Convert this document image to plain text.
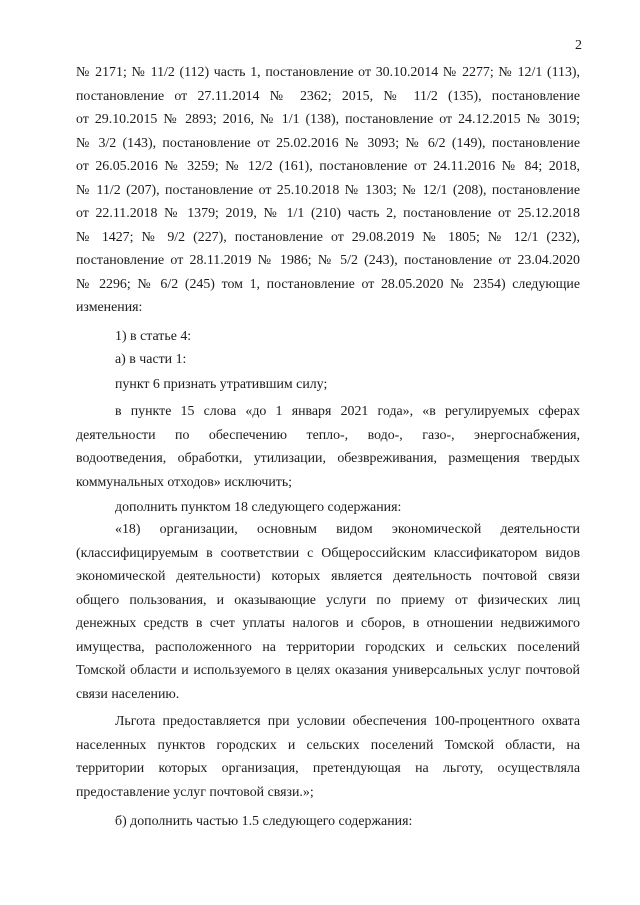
2
№ 2171; № 11/2 (112) часть 1, постановление от 30.10.2014 № 2277; № 12/1 (113),
постановление от 27.11.2014 № 2362; 2015, № 11/2 (135), постановление
от 29.10.2015 № 2893; 2016, № 1/1 (138), постановление от 24.12.2015 № 3019;
№ 3/2 (143), постановление от 25.02.2016 № 3093; № 6/2 (149), постановление
от 26.05.2016 № 3259; № 12/2 (161), постановление от 24.11.2016 № 84; 2018,
№ 11/2 (207), постановление от 25.10.2018 № 1303; № 12/1 (208), постановление
от 22.11.2018 № 1379; 2019, № 1/1 (210) часть 2, постановление от 25.12.2018
№ 1427; № 9/2 (227), постановление от 29.08.2019 № 1805; № 12/1 (232),
постановление от 28.11.2019 № 1986; № 5/2 (243), постановление от 23.04.2020
№ 2296; № 6/2 (245) том 1, постановление от 28.05.2020 № 2354) следующие
изменения:
1) в статье 4:
а) в части 1:
пункт 6 признать утратившим силу;
в пункте 15 слова «до 1 января 2021 года», «в регулируемых сферах
деятельности по обеспечению тепло-, водо-, газо-, энергоснабжения,
водоотведения, обработки, утилизации, обезвреживания, размещения твердых
коммунальных отходов» исключить;
дополнить пунктом 18 следующего содержания:
«18) организации, основным видом экономической деятельности
(классифицируемым в соответствии с Общероссийским классификатором видов
экономической деятельности) которых является деятельность почтовой связи
общего пользования, и оказывающие услуги по приему от физических лиц
денежных средств в счет уплаты налогов и сборов, в отношении недвижимого
имущества, расположенного на территории городских и сельских поселений
Томской области и используемого в целях оказания универсальных услуг почтовой
связи населению.
Льгота предоставляется при условии обеспечения 100-процентного охвата
населенных пунктов городских и сельских поселений Томской области, на
территории которых организация, претендующая на льготу, осуществляла
предоставление услуг почтовой связи.»;
б) дополнить частью 1.5 следующего содержания:
